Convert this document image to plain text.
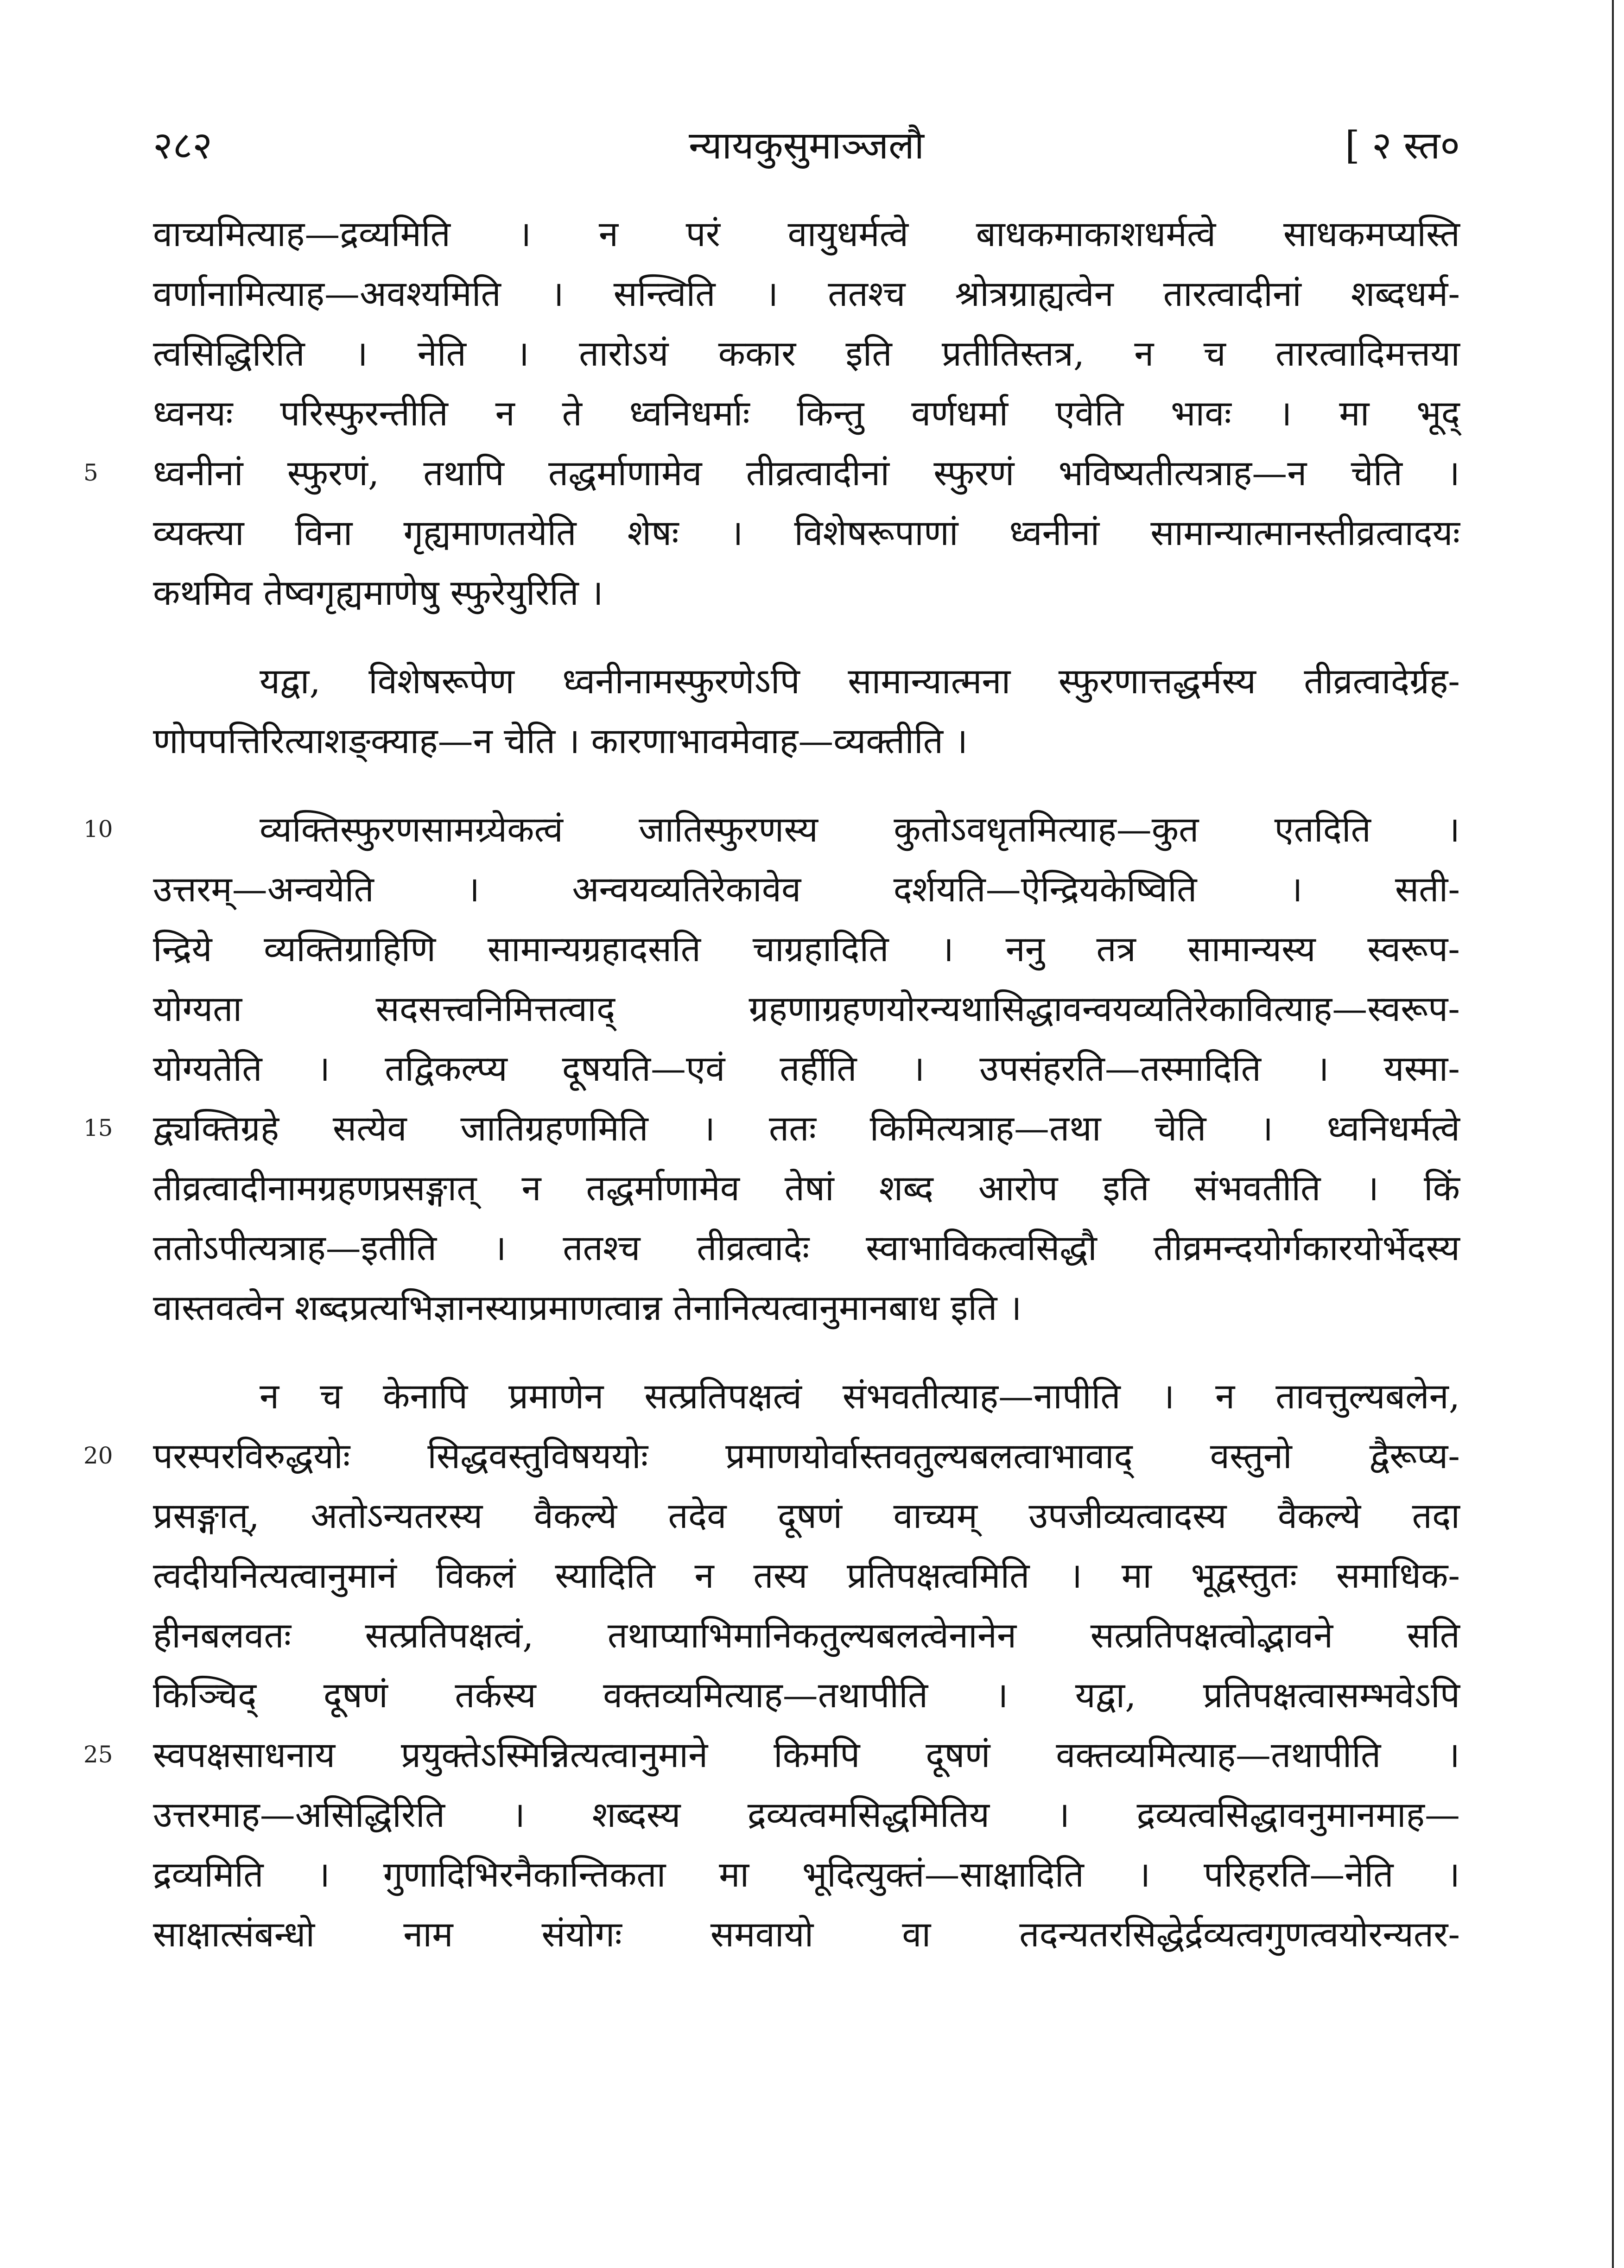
२८२	न्यायकुसुमाञ्जलौ	[ २ स्त०
वाच्यमित्याह—द्रव्यमिति । न परं वायुधर्मत्वे बाधकमाकाशधर्मत्वे साधकमप्यस्ति
वर्णानामित्याह—अवश्यमिति । सन्त्विति । ततश्च श्रोत्रग्राह्यत्वेन तारत्वादीनां शब्दधर्म-
त्वसिद्धिरिति । नेति । तारोऽयं ककार इति प्रतीतिस्तत्र, न च तारत्वादिमत्तया
ध्वनयः परिस्फुरन्तीति न ते ध्वनिधर्माः किन्तु वर्णधर्मा एवेति भावः । मा भूद्
ध्वनीनां स्फुरणं, तथापि तद्धर्माणामेव तीव्रत्वादीनां स्फुरणं भविष्यतीत्यत्राह—न चेति ।
5
व्यक्त्या विना गृह्यमाणतयेति शेषः । विशेषरूपाणां ध्वनीनां सामान्यात्मानस्तीव्रत्वादयः
कथमिव तेष्वगृह्यमाणेषु स्फुरेयुरिति ।
यद्वा, विशेषरूपेण ध्वनीनामस्फुरणेऽपि सामान्यात्मना स्फुरणात्तद्धर्मस्य तीव्रत्वादेर्ग्रह-
णोपपत्तिरित्याशङ्क्याह—न चेति । कारणाभावमेवाह—व्यक्तीति ।
व्यक्तिस्फुरणसामग्र्येकत्वं जातिस्फुरणस्य कुतोऽवधृतमित्याह—कुत एतदिति ।
10
उत्तरम्—अन्वयेति । अन्वयव्यतिरेकावेव दर्शयति—ऐन्द्रियकेष्विति । सती-
न्द्रिये व्यक्तिग्राहिणि सामान्यग्रहादसति चाग्रहादिति । ननु तत्र सामान्यस्य स्वरूप-
योग्यता सदसत्त्वनिमित्तत्वाद् ग्रहणाग्रहणयोरन्यथासिद्धावन्वयव्यतिरेकावित्याह—स्वरूप-
योग्यतेति । तद्विकल्प्य दूषयति—एवं तर्हीति । उपसंहरति—तस्मादिति । यस्मा-
द्व्यक्तिग्रहे सत्येव जातिग्रहणमिति । ततः किमित्यत्राह—तथा चेति । ध्वनिधर्मत्वे
15
तीव्रत्वादीनामग्रहणप्रसङ्गात् न तद्धर्माणामेव तेषां शब्द आरोप इति संभवतीति । किं
ततोऽपीत्यत्राह—इतीति । ततश्च तीव्रत्वादेः स्वाभाविकत्वसिद्धौ तीव्रमन्दयोर्गकारयोर्भेदस्य
वास्तवत्वेन शब्दप्रत्यभिज्ञानस्याप्रमाणत्वान्न तेनानित्यत्वानुमानबाध इति ।
न च केनापि प्रमाणेन सत्प्रतिपक्षत्वं संभवतीत्याह—नापीति । न तावत्तुल्यबलेन,
परस्परविरुद्धयोः सिद्धवस्तुविषययोः प्रमाणयोर्वास्तवतुल्यबलत्वाभावाद् वस्तुनो द्वैरूप्य-
20
प्रसङ्गात्, अतोऽन्यतरस्य वैकल्ये तदेव दूषणं वाच्यम् उपजीव्यत्वादस्य वैकल्ये तदा
त्वदीयनित्यत्वानुमानं विकलं स्यादिति न तस्य प्रतिपक्षत्वमिति । मा भूद्वस्तुतः समाधिक-
हीनबलवतः सत्प्रतिपक्षत्वं, तथाप्याभिमानिकतुल्यबलत्वेनानेन सत्प्रतिपक्षत्वोद्भावने सति
किञ्चिद् दूषणं तर्कस्य वक्तव्यमित्याह—तथापीति । यद्वा, प्रतिपक्षत्वासम्भवेऽपि
स्वपक्षसाधनाय प्रयुक्तेऽस्मिन्नित्यत्वानुमाने किमपि दूषणं वक्तव्यमित्याह—तथापीति ।
25
उत्तरमाह—असिद्धिरिति । शब्दस्य द्रव्यत्वमसिद्धमितिय । द्रव्यत्वसिद्धावनुमानमाह—
द्रव्यमिति । गुणादिभिरनैकान्तिकता मा भूदित्युक्तं—साक्षादिति । परिहरति—नेति ।
साक्षात्संबन्धो नाम संयोगः समवायो वा तदन्यतरसिद्धेर्द्रव्यत्वगुणत्वयोरन्यतर-
